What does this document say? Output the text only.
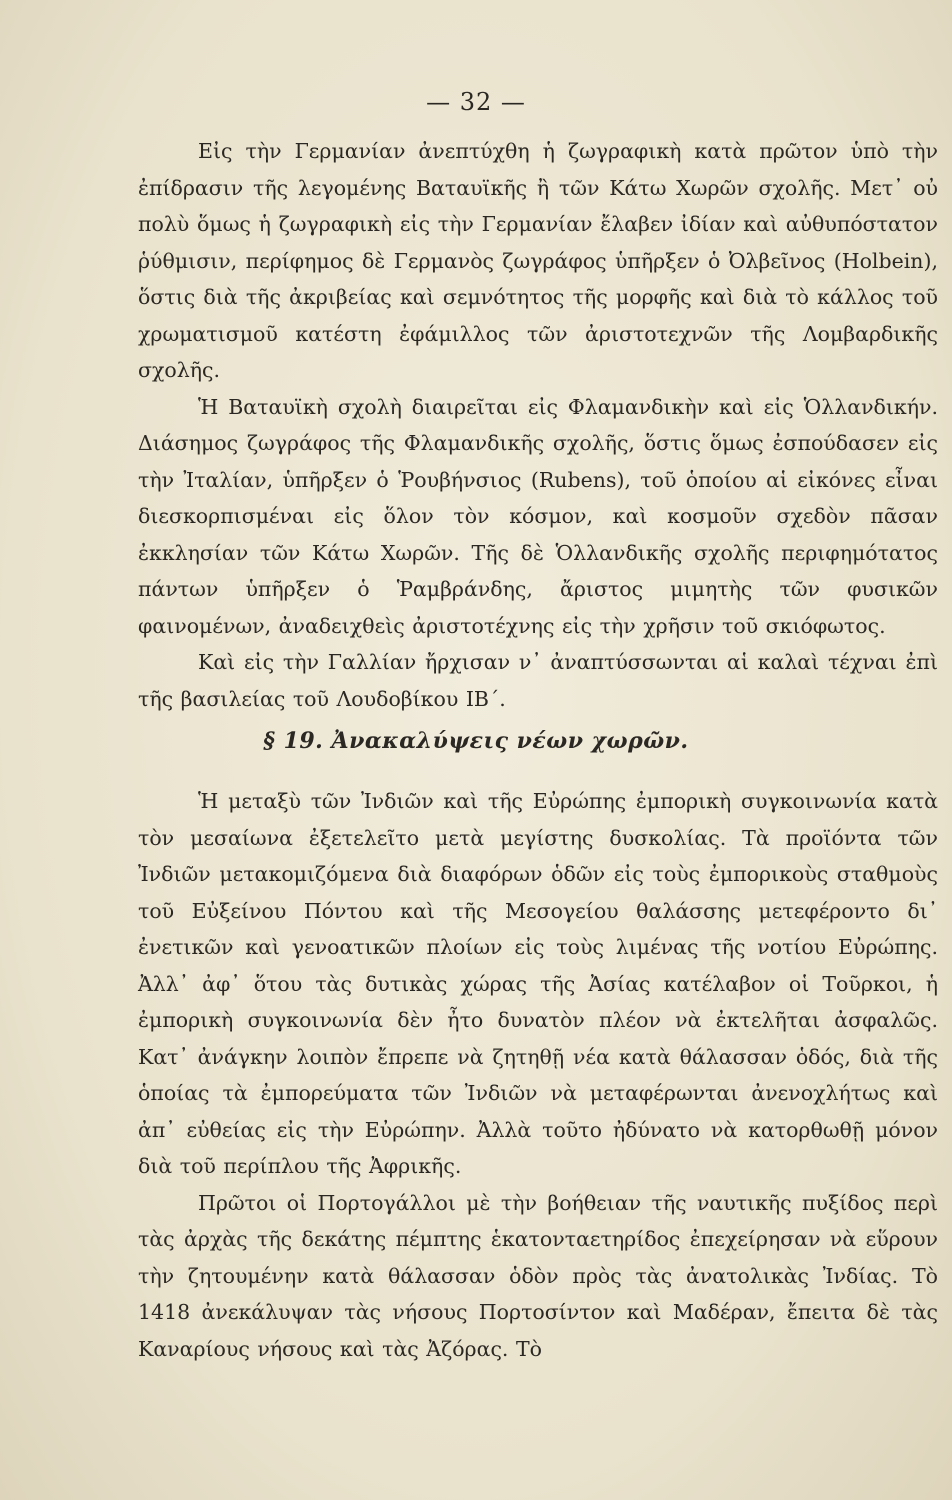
— 32 —

Εἰς τὴν Γερμανίαν ἀνεπτύχθη ἡ ζωγραφικὴ κατὰ πρῶτον ὑπὸ τὴν ἐπίδρασιν τῆς λεγομένης Βαταυϊκῆς ἢ τῶν Κάτω Χωρῶν σχολῆς. Μετ᾽ οὐ πολὺ ὅμως ἡ ζωγραφικὴ εἰς τὴν Γερμανίαν ἔλαβεν ἰδίαν καὶ αὐθυπόστατον ῥύθμισιν, περίφημος δὲ Γερμανὸς ζωγράφος ὑπῆρξεν ὁ Ὀλβεῖνος (Holbein), ὅστις διὰ τῆς ἀκριβείας καὶ σεμνότητος τῆς μορφῆς καὶ διὰ τὸ κάλλος τοῦ χρωματισμοῦ κατέστη ἐφάμιλλος τῶν ἀριστοτεχνῶν τῆς Λομβαρδικῆς σχολῆς.

Ἡ Βαταυϊκὴ σχολὴ διαιρεῖται εἰς Φλαμανδικὴν καὶ εἰς Ὁλλανδικήν. Διάσημος ζωγράφος τῆς Φλαμανδικῆς σχολῆς, ὅστις ὅμως ἐσπούδασεν εἰς τὴν Ἰταλίαν, ὑπῆρξεν ὁ Ῥουβήνσιος (Rubens), τοῦ ὁποίου αἱ εἰκόνες εἶναι διεσκορπισμέναι εἰς ὅλον τὸν κόσμον, καὶ κοσμοῦν σχεδὸν πᾶσαν ἐκκλησίαν τῶν Κάτω Χωρῶν. Τῆς δὲ Ὁλλανδικῆς σχολῆς περιφημότατος πάντων ὑπῆρξεν ὁ Ῥαμβράνδης, ἄριστος μιμητὴς τῶν φυσικῶν φαινομένων, ἀναδειχθεὶς ἀριστοτέχνης εἰς τὴν χρῆσιν τοῦ σκιόφωτος.

Καὶ εἰς τὴν Γαλλίαν ἤρχισαν ν᾽ ἀναπτύσσωνται αἱ καλαὶ τέχναι ἐπὶ τῆς βασιλείας τοῦ Λουδοβίκου ΙΒ΄.

§ 19. Ἀνακαλύψεις νέων χωρῶν.

Ἡ μεταξὺ τῶν Ἰνδιῶν καὶ τῆς Εὐρώπης ἐμπορικὴ συγκοινωνία κατὰ τὸν μεσαίωνα ἐξετελεῖτο μετὰ μεγίστης δυσκολίας. Τὰ προϊόντα τῶν Ἰνδιῶν μετακομιζόμενα διὰ διαφόρων ὁδῶν εἰς τοὺς ἐμπορικοὺς σταθμοὺς τοῦ Εὐξείνου Πόντου καὶ τῆς Μεσογείου θαλάσσης μετεφέροντο δι᾽ ἐνετικῶν καὶ γενοατικῶν πλοίων εἰς τοὺς λιμένας τῆς νοτίου Εὐρώπης. Ἀλλ᾽ ἀφ᾽ ὅτου τὰς δυτικὰς χώρας τῆς Ἀσίας κατέλαβον οἱ Τοῦρκοι, ἡ ἐμπορικὴ συγκοινωνία δὲν ἦτο δυνατὸν πλέον νὰ ἐκτελῆται ἀσφαλῶς. Κατ᾽ ἀνάγκην λοιπὸν ἔπρεπε νὰ ζητηθῇ νέα κατὰ θάλασσαν ὁδός, διὰ τῆς ὁποίας τὰ ἐμπορεύματα τῶν Ἰνδιῶν νὰ μεταφέρωνται ἀνενοχλήτως καὶ ἀπ᾽ εὐθείας εἰς τὴν Εὐρώπην. Ἀλλὰ τοῦτο ἠδύνατο νὰ κατορθωθῇ μόνον διὰ τοῦ περίπλου τῆς Ἀφρικῆς.

Πρῶτοι οἱ Πορτογάλλοι μὲ τὴν βοήθειαν τῆς ναυτικῆς πυξίδος περὶ τὰς ἀρχὰς τῆς δεκάτης πέμπτης ἑκατονταετηρίδος ἐπεχείρησαν νὰ εὕρουν τὴν ζητουμένην κατὰ θάλασσαν ὁδὸν πρὸς τὰς ἀνατολικὰς Ἰνδίας. Τὸ 1418 ἀνεκάλυψαν τὰς νήσους Πορτοσίντον καὶ Μαδέραν, ἔπειτα δὲ τὰς Καναρίους νήσους καὶ τὰς Ἀζόρας. Τὸ
